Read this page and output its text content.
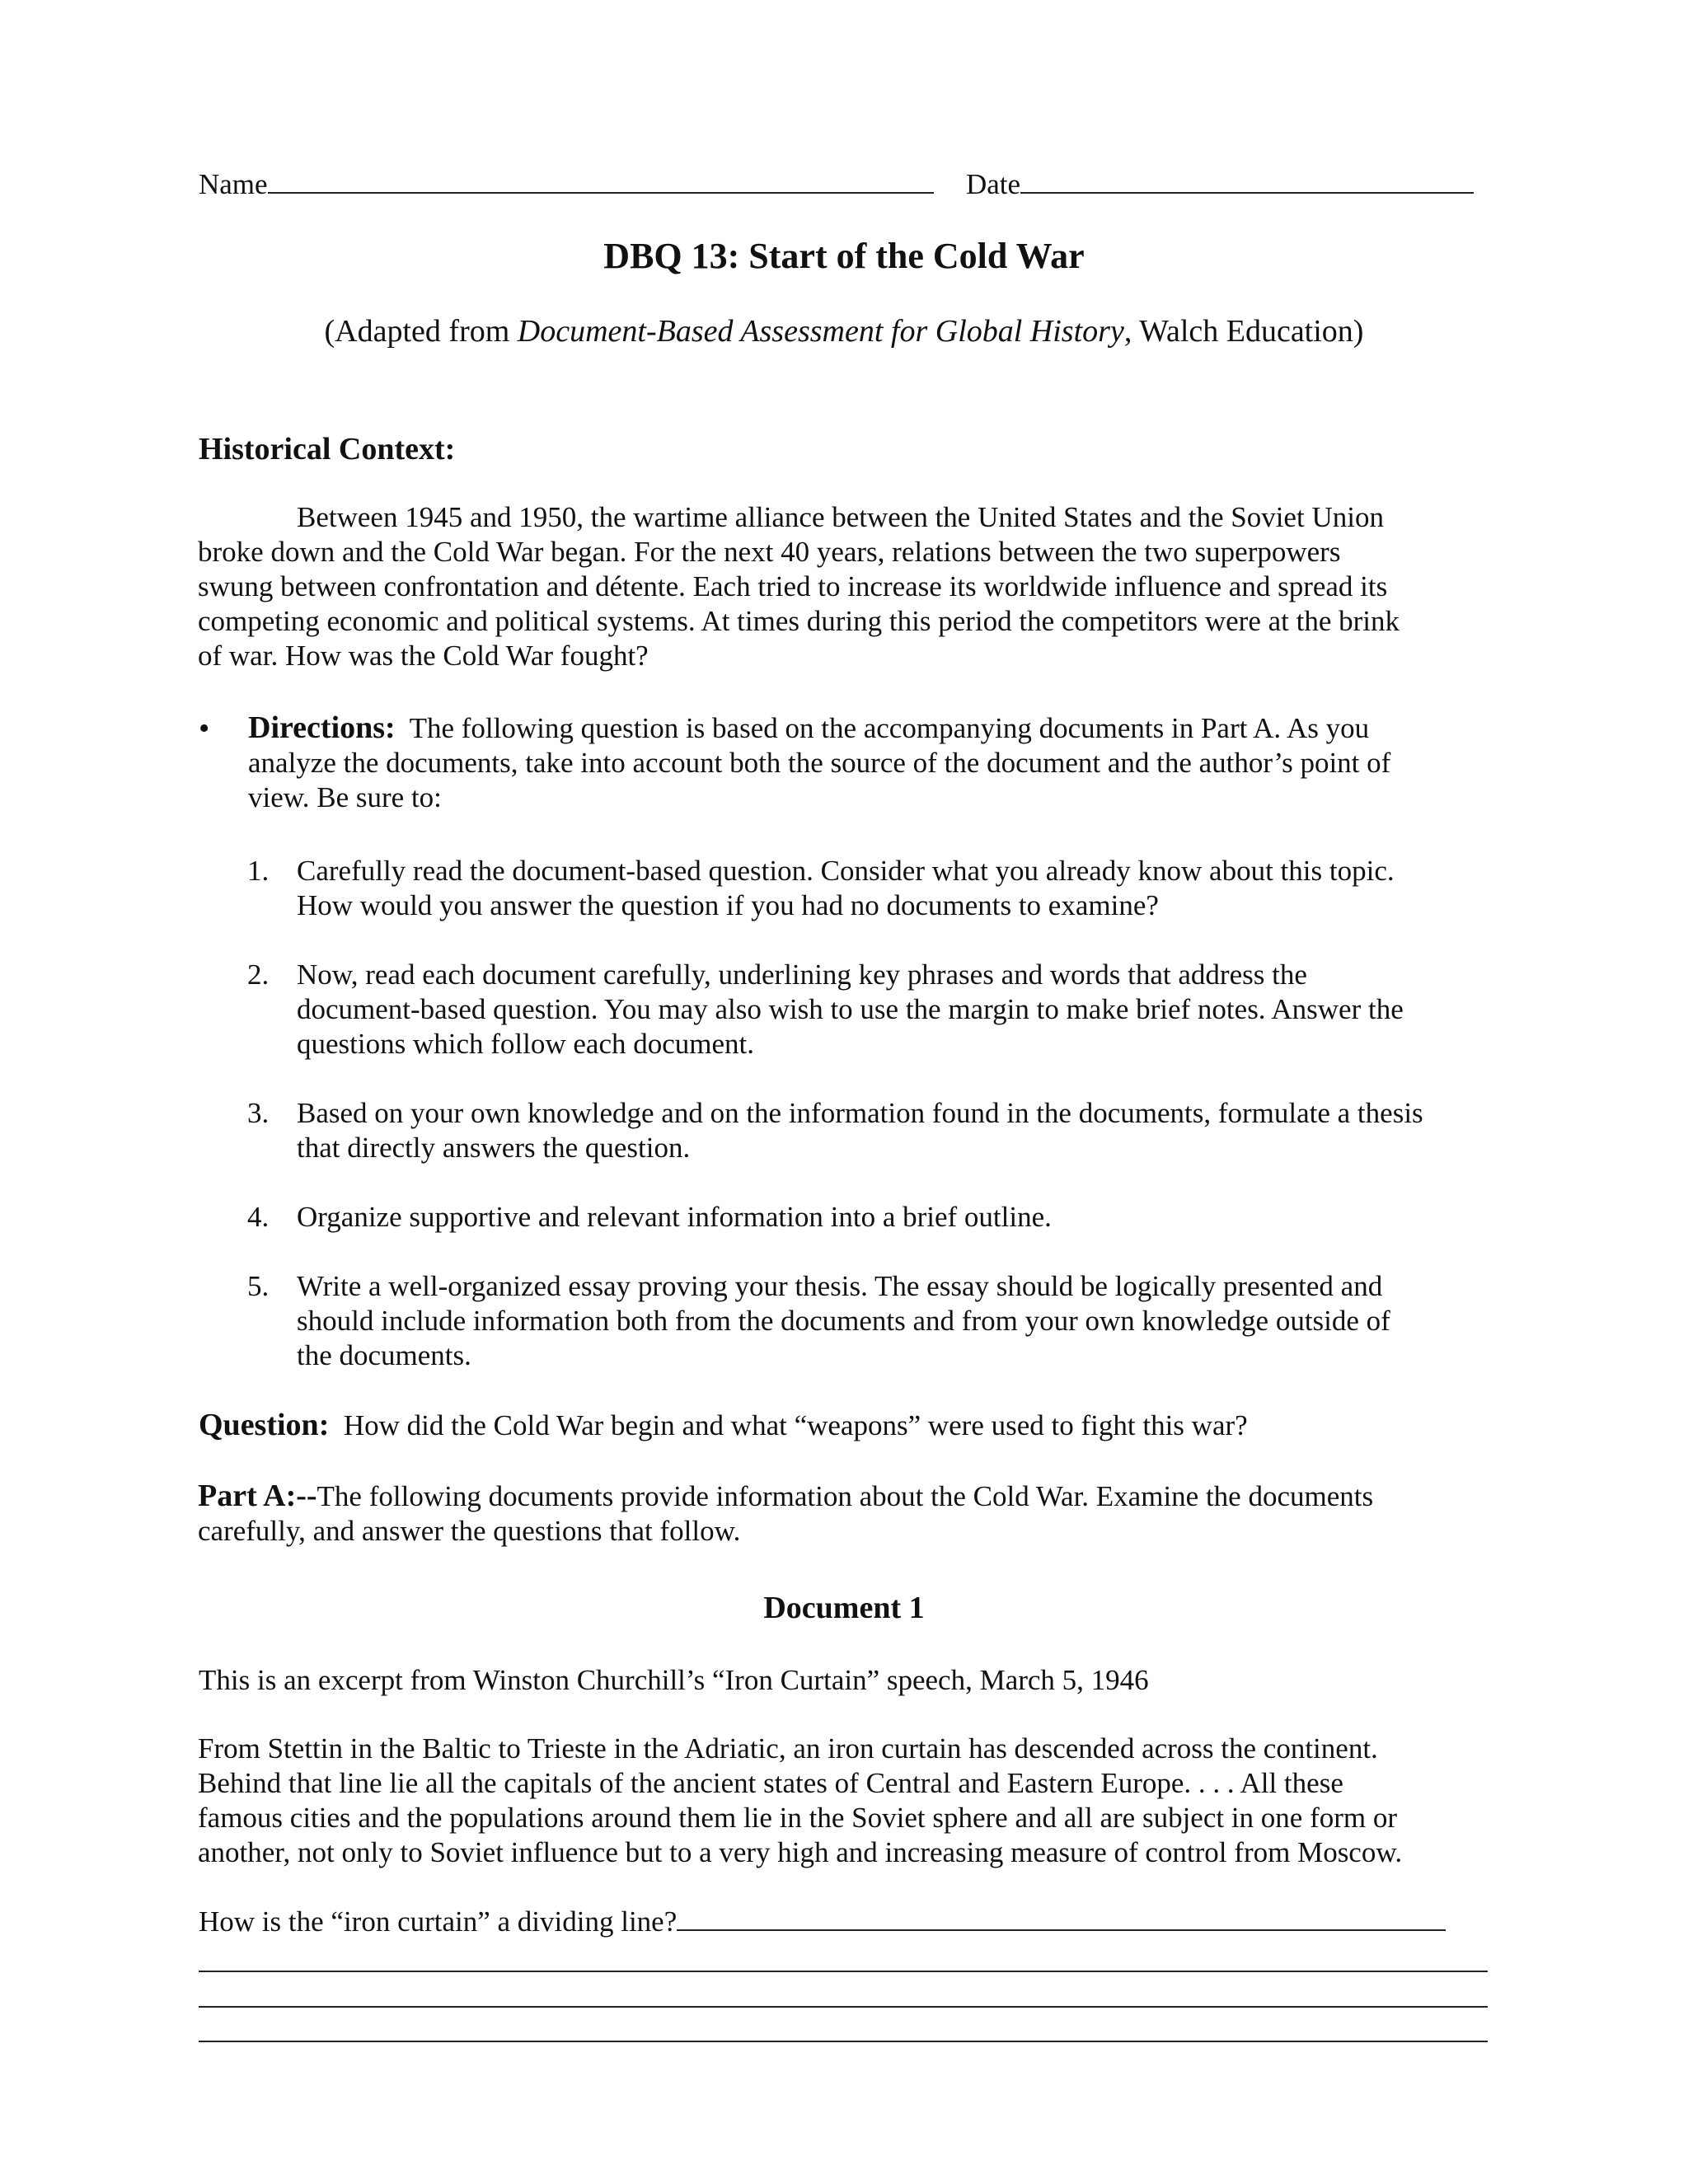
Name	Date
DBQ 13: Start of the Cold War
(Adapted from Document-Based Assessment for Global History, Walch Education)
Historical Context:
Between 1945 and 1950, the wartime alliance between the United States and the Soviet Union
broke down and the Cold War began. For the next 40 years, relations between the two superpowers
swung between confrontation and détente. Each tried to increase its worldwide influence and spread its
competing economic and political systems. At times during this period the competitors were at the brink
of war. How was the Cold War fought?
• Directions: The following question is based on the accompanying documents in Part A. As you
analyze the documents, take into account both the source of the document and the author’s point of
view. Be sure to:
1. Carefully read the document-based question. Consider what you already know about this topic.
How would you answer the question if you had no documents to examine?
2. Now, read each document carefully, underlining key phrases and words that address the
document-based question. You may also wish to use the margin to make brief notes. Answer the
questions which follow each document.
3. Based on your own knowledge and on the information found in the documents, formulate a thesis
that directly answers the question.
4. Organize supportive and relevant information into a brief outline.
5. Write a well-organized essay proving your thesis. The essay should be logically presented and
should include information both from the documents and from your own knowledge outside of
the documents.
Question: How did the Cold War begin and what “weapons” were used to fight this war?
Part A:--The following documents provide information about the Cold War. Examine the documents
carefully, and answer the questions that follow.
Document 1
This is an excerpt from Winston Churchill’s “Iron Curtain” speech, March 5, 1946
From Stettin in the Baltic to Trieste in the Adriatic, an iron curtain has descended across the continent.
Behind that line lie all the capitals of the ancient states of Central and Eastern Europe. . . . All these
famous cities and the populations around them lie in the Soviet sphere and all are subject in one form or
another, not only to Soviet influence but to a very high and increasing measure of control from Moscow.
How is the “iron curtain” a dividing line?
